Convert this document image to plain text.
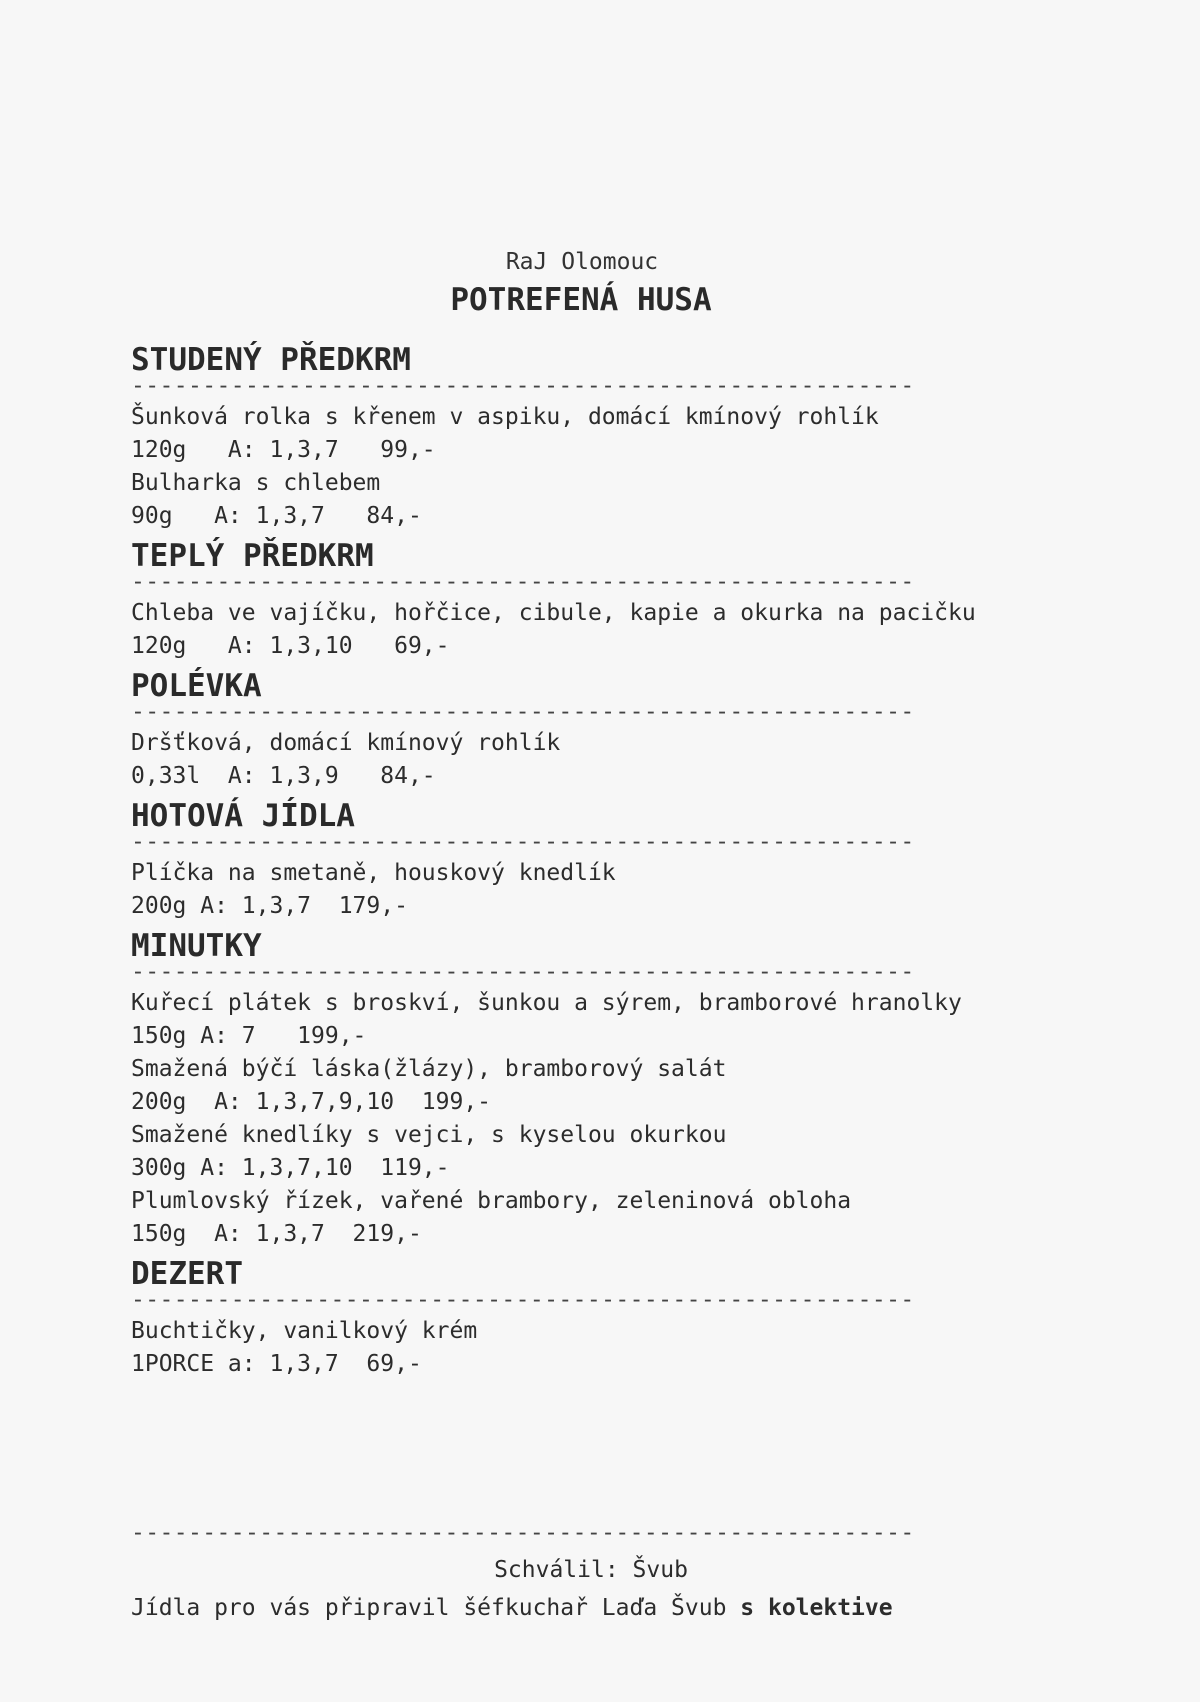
RaJ Olomouc
POTREFENÁ HUSA
STUDENÝ PŘEDKRM
-------------------------------------------------------
Šunková rolka s křenem v aspiku, domácí kmínový rohlík
120g   A: 1,3,7   99,-
Bulharka s chlebem
90g   A: 1,3,7   84,-
TEPLÝ PŘEDKRM
-------------------------------------------------------
Chleba ve vajíčku, hořčice, cibule, kapie a okurka na pacičku
120g   A: 1,3,10   69,-
POLÉVKA
-------------------------------------------------------
Dršťková, domácí kmínový rohlík
0,33l  A: 1,3,9   84,-
HOTOVÁ JÍDLA
-------------------------------------------------------
Plíčka na smetaně, houskový knedlík
200g A: 1,3,7  179,-
MINUTKY
-------------------------------------------------------
Kuřecí plátek s broskví, šunkou a sýrem, bramborové hranolky
150g A: 7   199,-
Smažená býčí láska(žlázy), bramborový salát
200g  A: 1,3,7,9,10  199,-
Smažené knedlíky s vejci, s kyselou okurkou
300g A: 1,3,7,10  119,-
Plumlovský řízek, vařené brambory, zeleninová obloha
150g  A: 1,3,7  219,-
DEZERT
-------------------------------------------------------
Buchtičky, vanilkový krém
1PORCE a: 1,3,7  69,-
-------------------------------------------------------
Schválil: Švub
Jídla pro vás připravil šéfkuchař Laďa Švub s kolektive
